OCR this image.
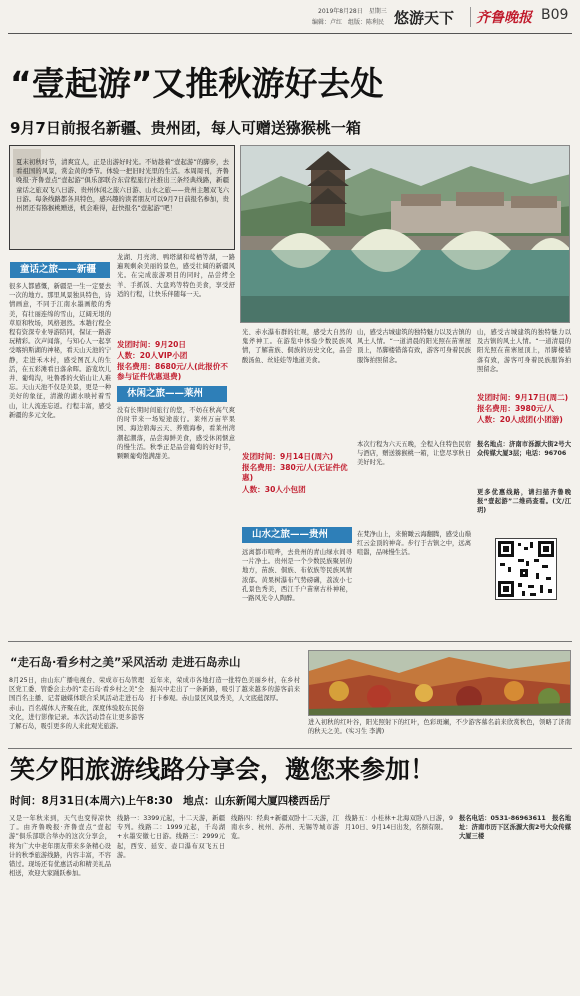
2019年8月28日　星期三
编辑：卢红　组版：陈利民 悠游天下 齐鲁晚报 B09
“壹起游”又推秋游好去处
9月7日前报名新疆、贵州团，每人可赠送猕猴桃一箱
夏末初秋时节，清爽宜人，正是出游好时光。不妨趁着“壹起游”的脚步，去看祖国的风景，赏金黄的季节。体验一把旧时光里的生活。本周周刊，齐鲁晚报·齐鲁壹点“壹起游”俱乐部联合东营程旅行社推出三条经典线路，新疆童话之旅双飞八日游、贵州休闲之旅六日游、山水之旅——贵州主题双飞六日游。每条线路都各具特色，感兴趣的读者朋友可以9月7日前报名参加，贵州团还有猕猴桃赠送，机会难得，赶快报名“壹起游”吧！
童话之旅——新疆
很多人都感慨，新疆是一生一定要去一次的地方。那里风景独具特色，诗情画意，不同于江南水墨画般的秀美，有壮丽连绵的雪山，辽阔无垠的草原和牧场，风格迥然。本趟行程全程有资深专业导游陪同，保证一路游玩精彩。次声闻落，与知心人一起享受喀纳斯湖的神秘，看天山天池的宁静，走进禾木村，感受图瓦人的生活，在五彩滩看日落余晖。游览坎儿井、葡萄沟，吐鲁番的火焰山让人难忘。天山天池不仅是美景，更是一种美好的象征，清澈的湖水映衬着雪山，让人流连忘返。行程丰富，感受新疆的多元文化。
龙湖、月亮湾、鸭塔湖和莺栖等湖，一路遍观剩余美丽的景色，感受壮阔的新疆风光。在完成旅游项目的同时，品尝烤全羊、手抓饭、大盘鸡等特色美食，享受舒适的行程，让快乐伴随每一天。
发团时间：9月20日
人数：20人VIP小团
报名费用：8680元/人(此报价不参与证件优惠退费)
休闲之旅——莱州
没有长期时间旅行的您，不妨在秋高气爽的时节来一场短途旅行。莱州万亩苹果园、海边碧海云天、养殖海参，看莱州湾潮起潮落，品尝海鲜美食，感受休闲惬意的慢生活。秋季正是品尝葡萄的好时节，颗颗葡萄饱满甜美。
光、赤水瀑布群的壮观，感受大自然的鬼斧神工。在游览中体验少数民族风情，了解苗族、侗族的历史文化，品尝酸汤鱼、丝娃娃等地道美食。
发团时间：9月14日(周六)
报名费用：380元/人(无证件优惠)
人数：30人小包团
山水之旅——贵州
远离都市喧哗，去贵州的青山绿水间寻一片净土。贵州是一个少数民族聚居的地方，苗族、侗族、布依族等民族风情浓郁。黄果树瀑布气势磅礴，荔波小七孔景色秀美，西江千户苗寨古朴神秘，一路风光令人陶醉。
山，感受古城建筑的独特魅力以及古镇的风土人情。“一道清晨的阳光照在苗寨屋顶上，吊脚楼错落有致，游客可身着民族服饰拍照留念。
本次行程为六天五晚，全程入住特色民宿与酒店，赠送猕猴桃一箱，让您尽享秋日美好时光。
在梵净山上，来俯瞰云海翻腾，感受山巅红云金顶的神奇。步行于古镇之中，远离喧嚣，品味慢生活。
山，感受古城建筑的独特魅力以及古镇的风土人情。“一道清晨的阳光照在苗寨屋顶上，吊脚楼错落有致，游客可身着民族服饰拍照留念。
发团时间：9月17日(周二)
报名费用：3980元/人
人数：20人成团(小团游)
报名地点：济南市泺源大街2号大众传媒大厦3层；电话：96706
更多优惠线路，请扫描齐鲁晚报“壹起游”二维码查看。(文/江玥)
“走石岛·看乡村之美”采风活动 走进石岛赤山
8月25日，由山东广播电视台、荣成市石岛管理区党工委、管委会主办的“走石岛·看乡村之美”全国百名主播、记者融媒体联合采风活动走进石岛赤山。百名媒体人齐聚在此，深度体验胶东民俗文化，进行影像记录。本次活动旨在让更多游客了解石岛，吸引更多的人来此观光旅游。
近年来，荣成市各地打造一批特色美丽乡村，在乡村振兴中走出了一条新路，吸引了越来越多的游客前来打卡参观。赤山景区风景秀美，人文底蕴深厚。
进入初秋的红叶谷，阳光照射下的红叶，色彩斑斓，不少游客慕名前来欣赏秋色，领略了济南的秋天之美。(实习生 李满)
笑夕阳旅游线路分享会，邀您来参加！
时间：8月31日(本周六)上午8:30　地点：山东新闻大厦四楼西岳厅
又是一年秋来到，天气也变得凉快了。由齐鲁晚报·齐鲁壹点“壹起游”俱乐部联合举办的这次分享会，将为广大中老年朋友带来多条精心设计的秋季旅游线路，内容丰富，不容错过。现场还有优惠活动和精美礼品相送，欢迎大家踊跃参加。
线路一：3399元起，十二天游，新疆专列。线路二：1999元起，千岛湖+水墨安徽七日游。线路三：2999元起，西安、延安、壶口瀑布双飞五日游。
线路四：经典+新疆双卧十二天游，江南水乡、杭州、苏州、无锡等城市游览。
线路五：小桂林+北海双卧八日游，9月10日、9月14日出发，名额有限。
报名电话：0531-86963611　报名地址：济南市历下区泺源大街2号大众传媒大厦三楼
